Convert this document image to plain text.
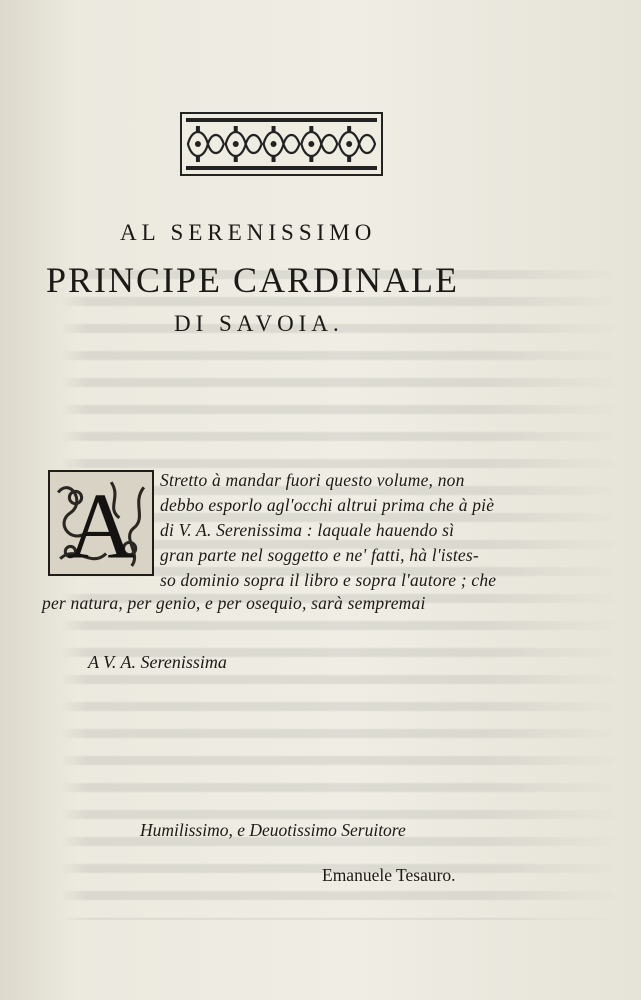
AL SERENISSIMO
PRINCIPE CARDINALE
DI SAVOIA.
A Stretto à mandar fuori questo volume, non
debbo esporlo agl'occhi altrui prima che à piè
di V. A. Serenissima : laquale hauendo sì
gran parte nel soggetto e ne' fatti, hà l'istes-
so dominio sopra il libro e sopra l'autore ; che
per natura, per genio, e per osequio, sarà sempremai
A V. A. Serenissima
Humilissimo, e Deuotissimo Seruitore
Emanuele Tesauro.
